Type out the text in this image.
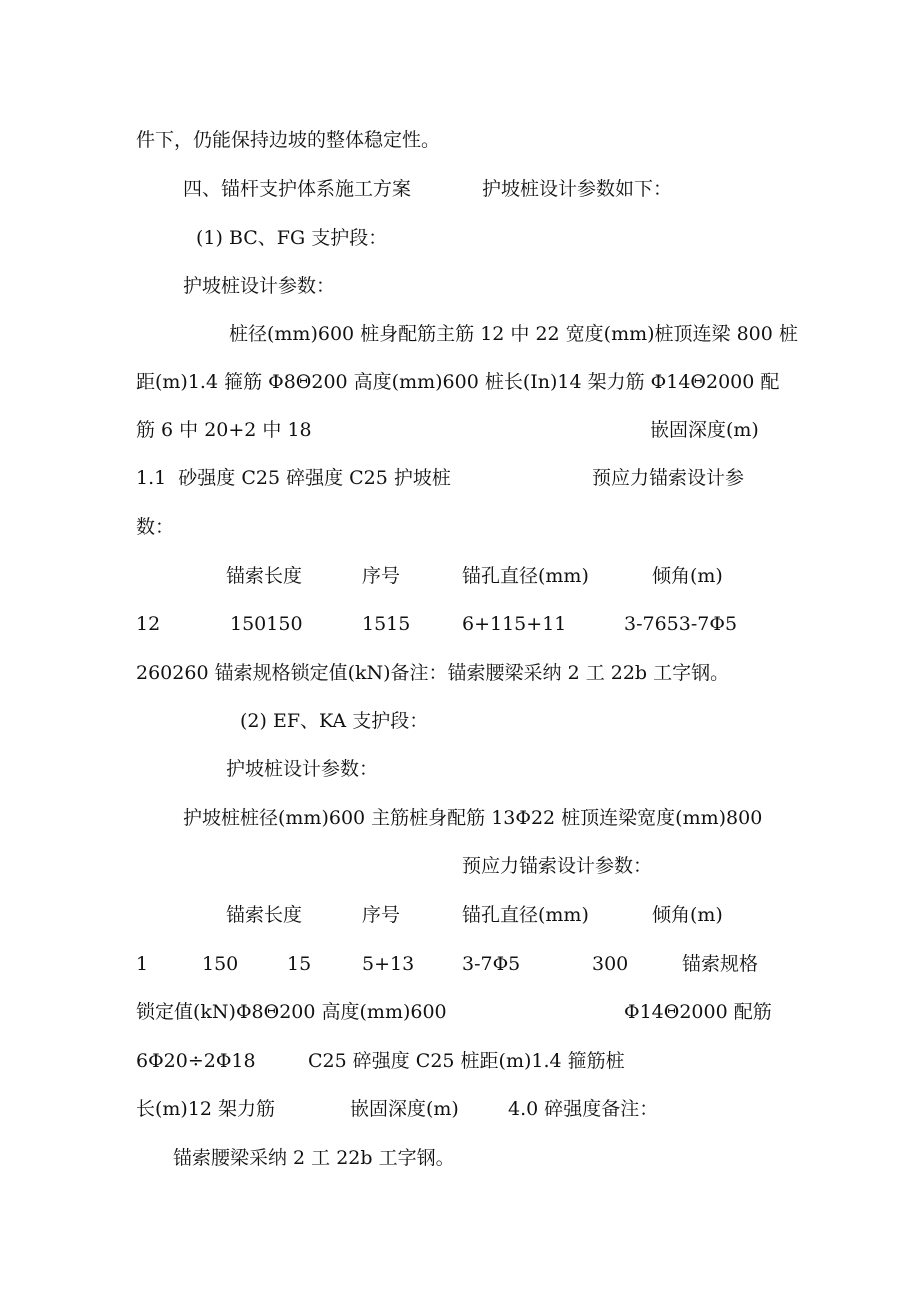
件下，仍能保持边坡的整体稳定性。
四、锚杆支护体系施工方案	护坡桩设计参数如下：
(1) BC、FG 支护段：
护坡桩设计参数：
桩径(mm)600 桩身配筋主筋 12 中 22 宽度(mm)桩顶连梁 800 桩
距(m)1.4 箍筋 Φ8Θ200 高度(mm)600 桩长(In)14 架力筋 Φ14Θ2000 配
筋 6 中 20+2 中 18	嵌固深度(m)
1.1  砂强度 C25 碎强度 C25 护坡桩	预应力锚索设计参
数：
锚索长度	序号	锚孔直径(mm)	倾角(m)
12	150150	1515	6+115+11	3-7653-7Φ5
260260 锚索规格锁定值(kN)备注：锚索腰梁采纳 2 工 22b 工字钢。
(2) EF、KA 支护段：
护坡桩设计参数：
护坡桩桩径(mm)600 主筋桩身配筋 13Φ22 桩顶连梁宽度(mm)800
预应力锚索设计参数：
锚索长度	序号	锚孔直径(mm)	倾角(m)
1	150	15	5+13	3-7Φ5	300	锚索规格
锁定值(kN)Φ8Θ200 高度(mm)600	Φ14Θ2000 配筋
6Φ20÷2Φ18	C25 碎强度 C25 桩距(m)1.4 箍筋桩
长(m)12 架力筋	嵌固深度(m)	4.0 碎强度备注：
锚索腰梁采纳 2 工 22b 工字钢。
